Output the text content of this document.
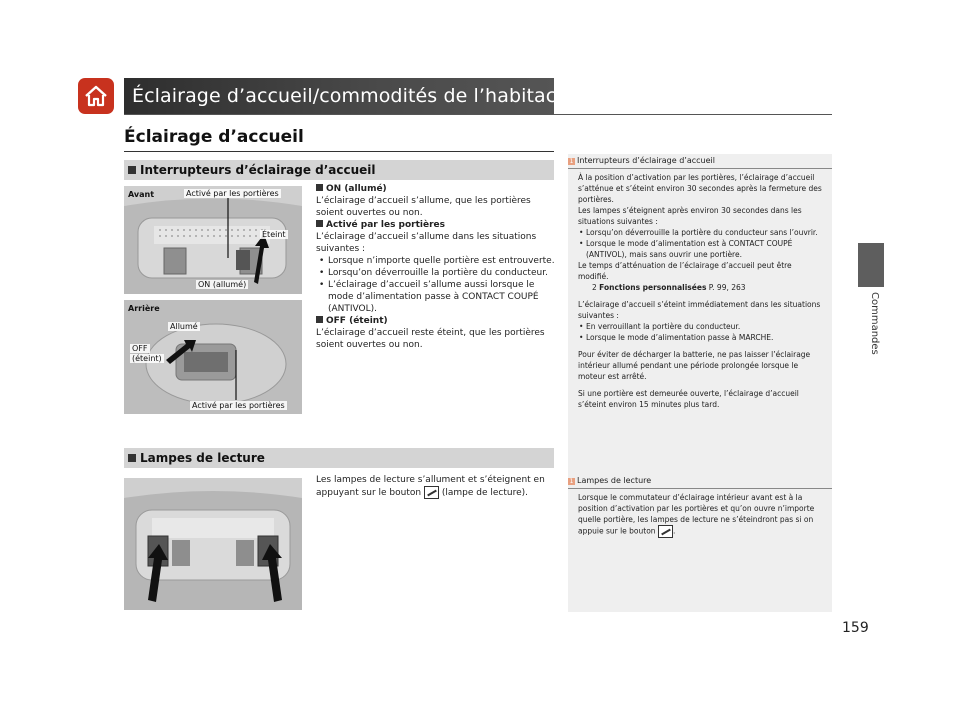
Éclairage d’accueil/commodités de l’habitacle
Commandes
Éclairage d’accueil
Interrupteurs d’éclairage d’accueil
Avant	Activé par les portières
Éteint
ON (allumé)
Arrière
Allumé
OFF
(éteint)
Activé par les portières
ON (allumé)
L’éclairage d’accueil s’allume, que les portières soient ouvertes ou non.
Activé par les portières
L’éclairage d’accueil s’allume dans les situations suivantes :
• Lorsque n’importe quelle portière est entrouverte.
• Lorsqu’on déverrouille la portière du conducteur.
• L’éclairage d’accueil s’allume aussi lorsque le mode d’alimentation passe à CONTACT COUPÉ (ANTIVOL).
OFF (éteint)
L’éclairage d’accueil reste éteint, que les portières soient ouvertes ou non.
Lampes de lecture
Les lampes de lecture s’allument et s’éteignent en appuyant sur le bouton (lampe de lecture).
1 Interrupteurs d’éclairage d’accueil
À la position d’activation par les portières, l’éclairage d’accueil s’atténue et s’éteint environ 30 secondes après la fermeture des portières.
Les lampes s’éteignent après environ 30 secondes dans les situations suivantes :
• Lorsqu’on déverrouille la portière du conducteur sans l’ouvrir.
• Lorsque le mode d’alimentation est à CONTACT COUPÉ (ANTIVOL), mais sans ouvrir une portière.
Le temps d’atténuation de l’éclairage d’accueil peut être modifié.
2 Fonctions personnalisées P. 99, 263
L’éclairage d’accueil s’éteint immédiatement dans les situations suivantes :
• En verrouillant la portière du conducteur.
• Lorsque le mode d’alimentation passe à MARCHE.
Pour éviter de décharger la batterie, ne pas laisser l’éclairage intérieur allumé pendant une période prolongée lorsque le moteur est arrêté.
Si une portière est demeurée ouverte, l’éclairage d’accueil s’éteint environ 15 minutes plus tard.
1 Lampes de lecture
Lorsque le commutateur d’éclairage intérieur avant est à la position d’activation par les portières et qu’on ouvre n’importe quelle portière, les lampes de lecture ne s’éteindront pas si on appuie sur le bouton .
159
